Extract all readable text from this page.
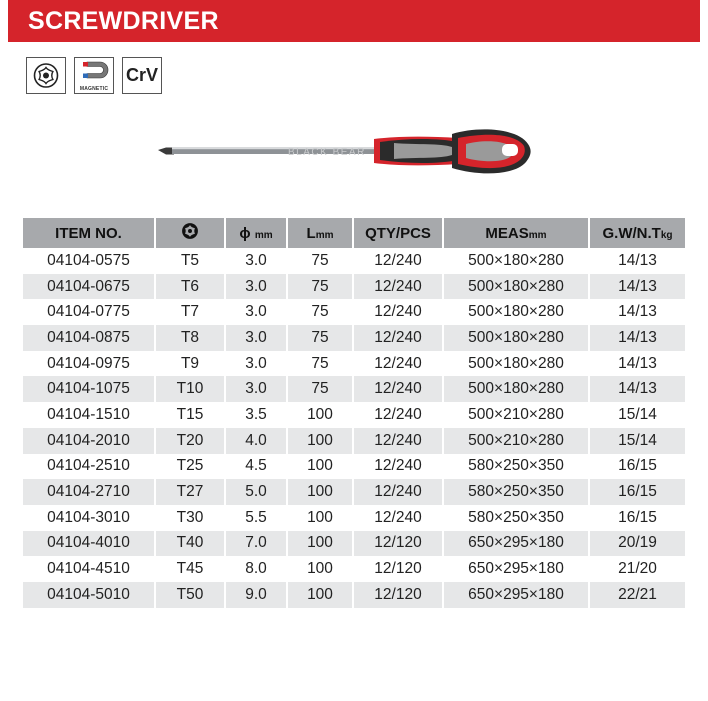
SCREWDRIVER
MAGNETIC
CrV
BLACK BEAR
ITEM NO.		ϕ mm	Lmm	QTY/PCS	MEASmm	G.W/N.Tkg
04104-0575	T5	3.0	75	12/240	500×180×280	14/13
04104-0675	T6	3.0	75	12/240	500×180×280	14/13
04104-0775	T7	3.0	75	12/240	500×180×280	14/13
04104-0875	T8	3.0	75	12/240	500×180×280	14/13
04104-0975	T9	3.0	75	12/240	500×180×280	14/13
04104-1075	T10	3.0	75	12/240	500×180×280	14/13
04104-1510	T15	3.5	100	12/240	500×210×280	15/14
04104-2010	T20	4.0	100	12/240	500×210×280	15/14
04104-2510	T25	4.5	100	12/240	580×250×350	16/15
04104-2710	T27	5.0	100	12/240	580×250×350	16/15
04104-3010	T30	5.5	100	12/240	580×250×350	16/15
04104-4010	T40	7.0	100	12/120	650×295×180	20/19
04104-4510	T45	8.0	100	12/120	650×295×180	21/20
04104-5010	T50	9.0	100	12/120	650×295×180	22/21
